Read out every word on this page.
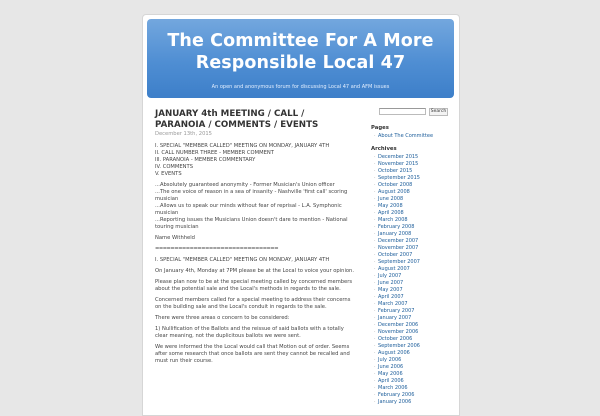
The Committee For A More Responsible Local 47
An open and anonymous forum for discussing Local 47 and AFM issues
JANUARY 4th MEETING / CALL / PARANOIA / COMMENTS / EVENTS
December 13th, 2015

I. SPECIAL "MEMBER CALLED" MEETING ON MONDAY, JANUARY 4TH
II. CALL NUMBER THREE - MEMBER COMMENT
III. PARANOIA - MEMBER COMMENTARY
IV. COMMENTS
V. EVENTS

...Absolutely guaranteed anonymity - Former Musician's Union officer
...The one voice of reason in a sea of insanity - Nashville 'first call' scoring musician
...Allows us to speak our minds without fear of reprisal - L.A. Symphonic musician
...Reporting issues the Musicians Union doesn't dare to mention - National touring musician

Name Withheld

================================

I. SPECIAL "MEMBER CALLED" MEETING ON MONDAY, JANUARY 4TH

On January 4th, Monday at 7PM please be at the Local to voice your opinion.

Please plan now to be at the special meeting called by concerned members about the potential sale and the Local's methods in regards to the sale.

Concerned members called for a special meeting to address their concerns on the building sale and the Local's conduit in regards to the sale.

There were three areas o concern to be considered:

1) Nullification of the Ballots and the reissue of said ballots with a totally clear meaning, not the duplicitous ballots we were sent.

We were informed the the Local would call that Motion out of order. Seems after some research that once ballots are sent they cannot be recalled and must run their course.

Search
Pages
· About The Committee
Archives
· December 2015
· November 2015
· October 2015
· September 2015
· October 2008
· August 2008
· June 2008
· May 2008
· April 2008
· March 2008
· February 2008
· January 2008
· December 2007
· November 2007
· October 2007
· September 2007
· August 2007
· July 2007
· June 2007
· May 2007
· April 2007
· March 2007
· February 2007
· January 2007
· December 2006
· November 2006
· October 2006
· September 2006
· August 2006
· July 2006
· June 2006
· May 2006
· April 2006
· March 2006
· February 2006
· January 2006
